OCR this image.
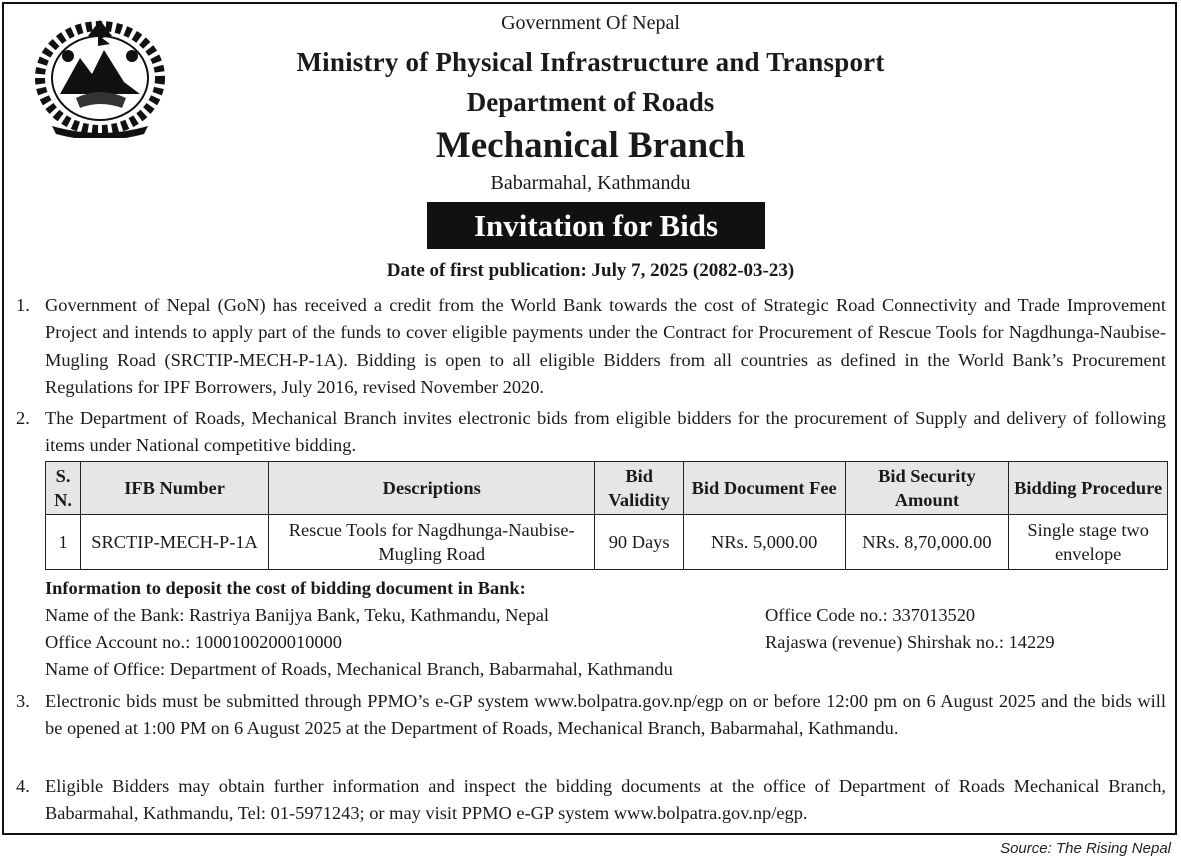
Government Of Nepal
Ministry of Physical Infrastructure and Transport
Department of Roads
Mechanical Branch
Babarmahal, Kathmandu
Invitation for Bids
Date of first publication: July 7, 2025 (2082-03-23)
1. Government of Nepal (GoN) has received a credit from the World Bank towards the cost of Strategic Road Connectivity and Trade Improvement Project and intends to apply part of the funds to cover eligible payments under the Contract for Procurement of Rescue Tools for Nagdhunga-Naubise-Mugling Road (SRCTIP-MECH-P-1A). Bidding is open to all eligible Bidders from all countries as defined in the World Bank’s Procurement Regulations for IPF Borrowers, July 2016, revised November 2020.
2. The Department of Roads, Mechanical Branch invites electronic bids from eligible bidders for the procurement of Supply and delivery of following items under National competitive bidding.
S. N.	IFB Number	Descriptions	Bid Validity	Bid Document Fee	Bid Security Amount	Bidding Procedure
1	SRCTIP-MECH-P-1A	Rescue Tools for Nagdhunga-Naubise-Mugling Road	90 Days	NRs. 5,000.00	NRs. 8,70,000.00	Single stage two envelope
Information to deposit the cost of bidding document in Bank:
Name of the Bank: Rastriya Banijya Bank, Teku, Kathmandu, Nepal	Office Code no.: 337013520
Office Account no.: 1000100200010000	Rajaswa (revenue) Shirshak no.: 14229
Name of Office: Department of Roads, Mechanical Branch, Babarmahal, Kathmandu
3. Electronic bids must be submitted through PPMO’s e-GP system www.bolpatra.gov.np/egp on or before 12:00 pm on 6 August 2025 and the bids will be opened at 1:00 PM on 6 August 2025 at the Department of Roads, Mechanical Branch, Babarmahal, Kathmandu.
4. Eligible Bidders may obtain further information and inspect the bidding documents at the office of Department of Roads Mechanical Branch, Babarmahal, Kathmandu, Tel: 01-5971243; or may visit PPMO e-GP system www.bolpatra.gov.np/egp.
Source: The Rising Nepal
